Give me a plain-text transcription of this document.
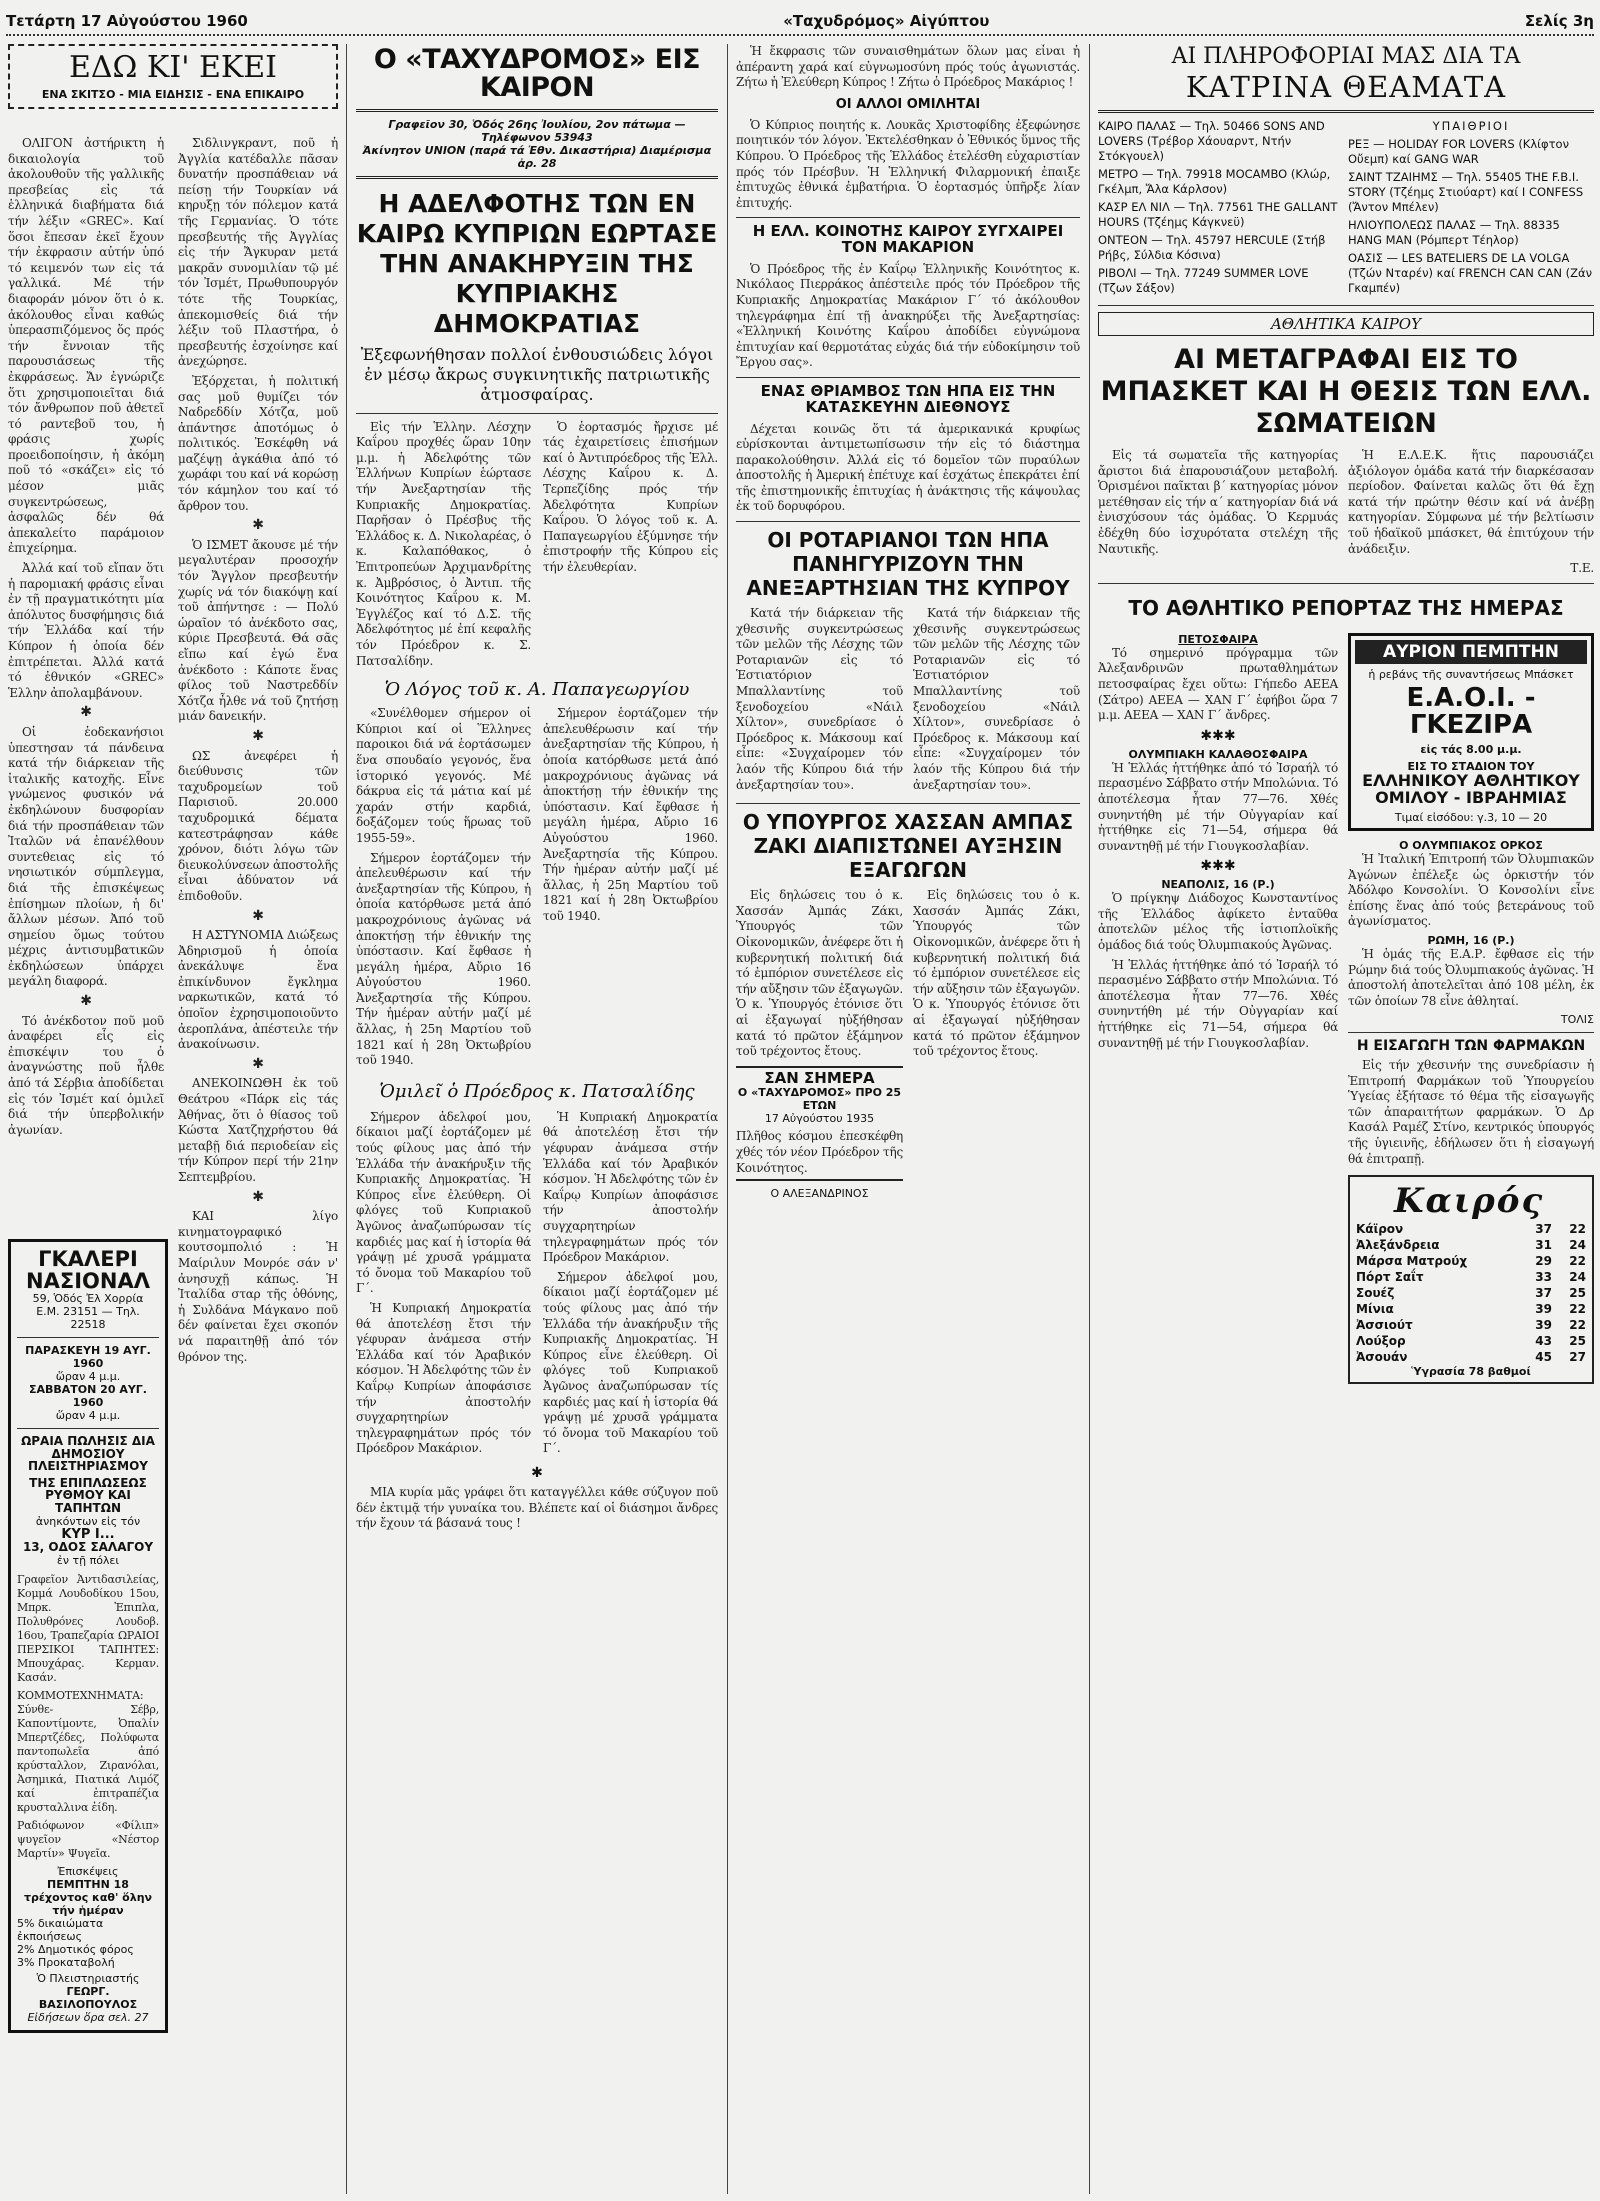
Τετάρτη 17 Αὐγούστου 1960	«Ταχυδρόμος» Αἰγύπτου	Σελίς 3η
ΕΔΩ ΚΙ' ΕΚΕΙ
ΕΝΑ ΣΚΙΤΣΟ - ΜΙΑ ΕΙΔΗΣΙΣ - ΕΝΑ ΕΠΙΚΑΙΡΟ

ΟΛΙΓΟΝ ἀστήρικτη ἡ δικαιολογία τοῦ ἀκολουθοῦν τῆς γαλλικῆς πρεσβείας εἰς τά ἑλληνικά διαβήματα διά τήν λέξιν «GREC». Καί ὅσοι ἔπεσαν ἐκεῖ ἔχουν τήν ἐκφρασιν αὐτήν ὑπό τό κειμενόν των εἰς τά γαλλικά. Μέ τήν διαφοράν μόνον ὅτι ὁ κ. ἀκόλουθος εἶναι καθώς ὑπερασπιζόμενος ὅς πρός τήν ἔννοιαν τῆς παρουσιάσεως τῆς ἐκφράσεως. Ἄν ἐγνώριζε ὅτι χρησιμοποιεῖται διά τόν ἄνθρωπον ποῦ ἀθετεῖ τό ραντεβοῦ του, ἡ φράσις χωρίς προειδοποίησιν, ἡ ἀκόμη ποῦ τό «σκάζει» εἰς τό μέσον μιᾶς συγκεντρώσεως, ἀσφαλῶς δέν θά ἀπεκαλείτο παράμοιον ἐπιχείρημα.

Ἀλλά καί τοῦ εἴπαν ὅτι ἡ παρομιακή φράσις εἶναι ἐν τῇ πραγματικότητι μία ἀπόλυτος δυσφήμησις διά τήν Ἑλλάδα καί τήν Κύπρον ἡ ὁποία δέν ἐπιτρέπεται. Ἀλλά κατά τό ἐθνικόν «GREC» Ἑλλην ἀπολαμβάνουν.

✱

Οἱ ἑοδεκανήσιοι ὑπεστησαν τά πάνδεινα κατά τήν διάρκειαν τῆς ἰταλικῆς κατοχῆς. Εἶνε γνώμενος φυσικόν νά ἐκδηλώνουν δυσφορίαν διά τήν προσπάθειαν τῶν Ἰταλῶν νά ἐπανέλθουν συντεθειας εἰς τό νησιωτικόν σύμπλεγμα, διά τῆς ἐπισκέψεως ἐπίσημων πλοίων, ἡ δι' ἄλλων μέσων. Ἀπό τοῦ σημείου ὅμως τούτου μέχρις ἀντισυμβατικῶν ἐκδηλώσεων ὑπάρχει μεγάλη διαφορά.

✱

Τό ἀνέκδοτον ποῦ μοῦ ἀναφέρει εἷς εἰς ἐπισκέψιν του ὁ ἀναγνώστης ποῦ ἦλθε ἀπό τά Σέρβια ἀποδίδεται εἰς τόν Ἰσμέτ καί ὁμιλεῖ διά τήν ὑπερβολικήν ἀγωνίαν.

ΓΚΑΛΕΡΙ ΝΑΣΙΟΝΑΛ
59, Ὁδός Ἐλ Χορρία
Ε.Μ. 23151 — Τηλ. 22518
ΠΑΡΑΣΚΕΥΗ 19 ΑΥΓ. 1960
ὥραν 4 μ.μ.
ΣΑΒΒΑΤΟΝ 20 ΑΥΓ. 1960
ὥραν 4 μ.μ.
ΩΡΑΙΑ ΠΩΛΗΣΙΣ ΔΙΑ ΔΗΜΟΣΙΟΥ ΠΛΕΙΣΤΗΡΙΑΣΜΟΥ
ΤΗΣ ΕΠΙΠΛΩΣΕΩΣ ΡΥΘΜΟΥ ΚΑΙ ΤΑΠΗΤΩΝ
ἀνηκόντων εἰς τόν
ΚΥΡ Ι...
13, ΟΔΟΣ ΣΑΛΑΓΟΥ
ἐν τῇ πόλει
Γραφεῖον Ἀντιδασιλείας, Κομμά Λουδοδίκου 15ου, Μπρκ. Ἐπιπλα, Πολυθρόνες Λουδοβ. 16ου, Τραπεζαρία ΩΡΑΙΟΙ ΠΕΡΣΙΚΟΙ ΤΑΠΗΤΕΣ: Μπουχάρας. Κερμαν. Κασάν.
ΚΟΜΜΟΤΕΧΝΗΜΑΤΑ: Σύνθε- Σέβρ, Καποντίμοντε, Ὀπαλίν Μπερτζέδες, Πολύφωτα παντοπωλεῖα ἀπό κρύσταλλον, Ζιρανόλαι, Ἀσημικά, Πιατικά Λιμόζ καί ἐπιτραπέζια κρυσταλλινα ἐίδη.
Ραδιόφωνον «Φίλιπ» ψυγεῖον «Νέστορ Μαρτίν» Ψυγεῖα.
Ἐπισκέψεις
ΠΕΜΠΤΗΝ 18 τρέχοντος καθ' ὅλην τήν ἡμέραν
5% δικαιώματα ἐκποιήσεως
2% Δημοτικός φόρος
3% Προκαταβολή
Ὁ Πλειστηριαστής
ΓΕΩΡΓ. ΒΑΣΙΛΟΠΟΥΛΟΣ
Εἰδήσεων ὅρα σελ. 27

Σιδλινγκραντ, ποῦ ἡ Ἀγγλία κατέδαλλε πᾶσαν δυνατήν προσπάθειαν νά πείσῃ τήν Τουρκίαν νά κηρυξῃ τόν πόλεμον κατά τῆς Γερμανίας. Ὁ τότε πρεσβευτής τῆς Ἀγγλίας εἰς τήν Ἄγκυραν μετά μακρᾶν συνομιλίαν τῷ μέ τόν Ἰσμέτ, Πρωθυπουργόν τότε τῆς Τουρκίας, ἀπεκομισθείς διά τήν λέξιν τοῦ Πλαστήρα, ὁ πρεσβευτής ἐσχοίνησε καί ἀνεχώρησε.

Ἐξόρχεται, ἡ πολιτική σας μοῦ θυμίζει τόν Ναδρεδδίν Χότζα, μοῦ ἀπάντησε ἀποτόμως ὁ πολιτικός. Ἐσκέφθη νά μαζέψῃ ἀγκάθια ἀπό τό χωράφι του καί νά κορώσῃ τόν κάμηλον του καί τό ἄρθρον του.

✱

Ὁ ΙΣΜΕΤ ἄκουσε μέ τήν μεγαλυτέραν προσοχήν τόν Ἄγγλον πρεσβευτήν χωρίς νά τόν διακόψῃ καί τοῦ ἀπήντησε : — Πολύ ὡραῖον τό ἀνέκδοτο σας, κύριε Πρεσβευτά. Θά σᾶς εἴπω καί ἐγώ ἕνα ἀνέκδοτο : Κάποτε ἕνας φίλος τοῦ Ναστρεδδίν Χότζα ἦλθε νά τοῦ ζητήσῃ μιάν δανεικήν.

✱

ΩΣ ἀνεφέρει ἡ διεύθυνσις τῶν ταχυδρομείων τοῦ Παρισιοῦ. 20.000 ταχυδρομικά δέματα κατεστράφησαν κάθε χρόνον, διότι λόγω τῶν διευκολύνσεων ἀποστολῆς εἶναι ἀδύνατον νά ἐπιδοθοῦν.

✱

Η ΑΣΤΥΝΟΜΙΑ Διώξεως Ἀδηρισμοῦ ἡ ὁποία ἀνεκάλυψε ἕνα ἐπικίνδυνον ἔγκλημα ναρκωτικῶν, κατά τό ὁποῖον ἐχρησιμοποιοῦντο ἀεροπλάνα, ἀπέστειλε τήν ἀνακοίνωσιν.

✱

ΑΝΕΚΟΙΝΩΘΗ ἐκ τοῦ Θεάτρου «Πάρκ εἰς τάς Ἀθήνας, ὅτι ὁ θίασος τοῦ Κώστα Χατζηχρήστου θά μεταβῇ διά περιοδείαν εἰς τήν Κύπρον περί τήν 21ην Σεπτεμβρίου.

✱

ΚΑΙ λίγο κινηματογραφικό κουτσομπολιό : Ἡ Μαίριλυν Μονρόε σάν ν' ἀνησυχῇ κάπως. Ἡ Ἰταλίδα σταρ τῆς ὁθόνης, ἡ Συλδάνα Μάγκανο ποῦ δέν φαίνεται ἔχει σκοπόν νά παραιτηθῇ ἀπό τόν θρόνον της.

Ο «ΤΑΧΥΔΡΟΜΟΣ» ΕΙΣ ΚΑΙΡΟΝ
Γραφεῖον 30, Ὁδός 26ης Ἰουλίου, 2ον πάτωμα — Τηλέφωνον 53943
Ἀκίνητον UNION (παρά τά Ἐθν. Δικαστήρια) Διαμέρισμα ἀρ. 28
Η ΑΔΕΛΦΟΤΗΣ ΤΩΝ ΕΝ ΚΑΙΡΩ ΚΥΠΡΙΩΝ ΕΩΡΤΑΣΕ ΤΗΝ ΑΝΑΚΗΡΥΞΙΝ ΤΗΣ ΚΥΠΡΙΑΚΗΣ ΔΗΜΟΚΡΑΤΙΑΣ
Ἐξεφωνήθησαν πολλοί ἐνθουσιώδεις λόγοι ἐν μέσῳ ἄκρως συγκινητικῆς πατριωτικῆς ἀτμοσφαίρας.

Εἰς τήν Ἑλλην. Λέσχην Καΐρου προχθές ὥραν 10ην μ.μ. ἡ Ἀδελφότης τῶν Ἑλλήνων Κυπρίων ἑώρτασε τήν Ἀνεξαρτησίαν τῆς Κυπριακῆς Δημοκρατίας. Παρῆσαν ὁ Πρέσβυς τῆς Ἑλλάδος κ. Δ. Νικολαρέας, ὁ κ. Καλαπόθακος, ὁ Ἐπιτροπεύων Ἀρχιμανδρίτης κ. Ἀμβρόσιος, ὁ Ἀντιπ. τῆς Κοινότητος Καΐρου κ. Μ. Ἐγγλέζος καί τό Δ.Σ. τῆς Ἀδελφότητος μέ ἐπί κεφαλῆς τόν Πρόεδρον κ. Σ. Πατσαλίδην.

Ὁ ἑορτασμός ἤρχισε μέ τάς ἐχαιρετίσεις ἐπισήμων καί ὁ Ἀντιπρόεδρος τῆς Ἑλλ. Λέσχης Καΐρου κ. Δ. Τερπεζίδης πρός τήν Ἀδελφότητα Κυπρίων Καΐρου. Ὁ λόγος τοῦ κ. Α. Παπαγεωργίου ἐξύμνησε τήν ἐπιστροφήν τῆς Κύπρου εἰς τήν ἐλευθερίαν.

Ὁ Λόγος τοῦ κ. Α. Παπαγεωργίου

«Συνέλθομεν σήμερον οἱ Κύπριοι καί οἱ Ἕλληνες παροικοι διά νά ἑορτάσωμεν ἕνα σπουδαίο γεγονός, ἕνα ἱστορικό γεγονός. Μέ δάκρυα εἰς τά μάτια καί μέ χαράν στήν καρδιά, δοξάζομεν τούς ἥρωας τοῦ 1955-59».

Σήμερον ἑορτάζομεν τήν ἀπελευθέρωσιν καί τήν ἀνεξαρτησίαν τῆς Κύπρου, ἡ ὁποία κατόρθωσε μετά ἀπό μακροχρόνιους ἀγῶνας νά ἀποκτήσῃ τήν ἐθνικήν της ὑπόστασιν. Καί ἔφθασε ἡ μεγάλη ἡμέρα, Αὔριο 16 Αὐγούστου 1960. Ἀνεξαρτησία τῆς Κύπρου. Τήν ἡμέραν αὐτήν μαζί μέ ἄλλας, ἡ 25η Μαρτίου τοῦ 1821 καί ἡ 28η Ὀκτωβρίου τοῦ 1940.

Σήμερον ἑορτάζομεν τήν ἀπελευθέρωσιν καί τήν ἀνεξαρτησίαν τῆς Κύπρου, ἡ ὁποία κατόρθωσε μετά ἀπό μακροχρόνιους ἀγῶνας νά ἀποκτήσῃ τήν ἐθνικήν της ὑπόστασιν. Καί ἔφθασε ἡ μεγάλη ἡμέρα, Αὔριο 16 Αὐγούστου 1960. Ἀνεξαρτησία τῆς Κύπρου. Τήν ἡμέραν αὐτήν μαζί μέ ἄλλας, ἡ 25η Μαρτίου τοῦ 1821 καί ἡ 28η Ὀκτωβρίου τοῦ 1940.

Ὁμιλεῖ ὁ Πρόεδρος κ. Πατσαλίδης

Σήμερον ἀδελφοί μου, δίκαιοι μαζί ἑορτάζομεν μέ τούς φίλους μας ἀπό τήν Ἑλλάδα τήν ἀνακήρυξιν τῆς Κυπριακῆς Δημοκρατίας. Ἡ Κύπρος εἶνε ἐλεύθερη. Οἱ φλόγες τοῦ Κυπριακοῦ Ἀγῶνος ἀναζωπύρωσαν τίς καρδιές μας καί ἡ ἱστορία θά γράψῃ μέ χρυσᾶ γράμματα τό ὄνομα τοῦ Μακαρίου τοῦ Γ΄.

Ἡ Κυπριακή Δημοκρατία θά ἀποτελέσῃ ἔτσι τήν γέφυραν ἀνάμεσα στήν Ἑλλάδα καί τόν Ἀραβικόν κόσμον. Ἡ Ἀδελφότης τῶν ἐν Καΐρῳ Κυπρίων ἀποφάσισε τήν ἀποστολήν συγχαρητηρίων τηλεγραφημάτων πρός τόν Πρόεδρον Μακάριον.

Ἡ Κυπριακή Δημοκρατία θά ἀποτελέσῃ ἔτσι τήν γέφυραν ἀνάμεσα στήν Ἑλλάδα καί τόν Ἀραβικόν κόσμον. Ἡ Ἀδελφότης τῶν ἐν Καΐρῳ Κυπρίων ἀποφάσισε τήν ἀποστολήν συγχαρητηρίων τηλεγραφημάτων πρός τόν Πρόεδρον Μακάριον.

Σήμερον ἀδελφοί μου, δίκαιοι μαζί ἑορτάζομεν μέ τούς φίλους μας ἀπό τήν Ἑλλάδα τήν ἀνακήρυξιν τῆς Κυπριακῆς Δημοκρατίας. Ἡ Κύπρος εἶνε ἐλεύθερη. Οἱ φλόγες τοῦ Κυπριακοῦ Ἀγῶνος ἀναζωπύρωσαν τίς καρδιές μας καί ἡ ἱστορία θά γράψῃ μέ χρυσᾶ γράμματα τό ὄνομα τοῦ Μακαρίου τοῦ Γ΄.

✱

ΜΙΑ κυρία μᾶς γράφει ὅτι καταγγέλλει κάθε σύζυγον ποῦ δέν ἐκτιμᾷ τήν γυναίκα του. Βλέπετε καί οἱ διάσημοι ἄνδρες τήν ἔχουν τά βάσανά τους !

Ἡ ἔκφρασις τῶν συναισθημάτων ὅλων μας εἶναι ἡ ἀπέραντη χαρά καί εὐγνωμοσύνη πρός τούς ἀγωνιστάς. Ζήτω ἡ Ἐλεύθερη Κύπρος ! Ζήτω ὁ Πρόεδρος Μακάριος !

ΟΙ ΑΛΛΟΙ ΟΜΙΛΗΤΑΙ

Ὁ Κύπριος ποιητής κ. Λουκᾶς Χριστοφίδης ἐξεφώνησε ποιητικόν τόν λόγον. Ἐκτελέσθηκαν ὁ Ἐθνικός ὕμνος τῆς Κύπρου. Ὁ Πρόεδρος τῆς Ἑλλάδος ἐτελέσθη εὐχαριστίαν πρός τόν Πρέσβυν. Ἡ Ἑλληνική Φιλαρμονική ἐπαιξε ἐπιτυχῶς ἐθνικά ἐμβατήρια. Ὁ ἑορτασμός ὑπῆρξε λίαν ἐπιτυχής.

Η ΕΛΛ. ΚΟΙΝΟΤΗΣ ΚΑΙΡΟΥ ΣΥΓΧΑΙΡΕΙ ΤΟΝ ΜΑΚΑΡΙΟΝ

Ὁ Πρόεδρος τῆς ἐν Καΐρῳ Ἑλληνικῆς Κοινότητος κ. Νικόλαος Πιερράκος ἀπέστειλε πρός τόν Πρόεδρον τῆς Κυπριακῆς Δημοκρατίας Μακάριον Γ΄ τό ἀκόλουθον τηλεγράφημα ἐπί τῇ ἀνακηρύξει τῆς Ἀνεξαρτησίας: «Ἑλληνική Κοινότης Καΐρου ἀποδίδει εὐγνώμονα ἐπιτυχίαν καί θερμοτάτας εὐχάς διά τήν εὐδοκίμησιν τοῦ Ἔργου σας».

ΕΝΑΣ ΘΡΙΑΜΒΟΣ ΤΩΝ ΗΠΑ ΕΙΣ ΤΗΝ ΚΑΤΑΣΚΕΥΗΝ ΔΙΕΘΝΟΥΣ

Δέχεται κοινῶς ὅτι τά ἀμερικανικά κρυφίως εὑρίσκονται ἀντιμετωπίσωσιν τήν εἰς τό διάστημα παρακολούθησιν. Ἀλλά εἰς τό δομεῖον τῶν πυραύλων ἀποστολῆς ἡ Ἀμερική ἐπέτυχε καί ἐσχάτως ἐπεκράτει ἐπί τῆς ἐπιστημονικῆς ἐπιτυχίας ἡ ἀνάκτησις τῆς κάψουλας ἐκ τοῦ δορυφόρου.

ΟΙ ΡΟΤΑΡΙΑΝΟΙ ΤΩΝ ΗΠΑ ΠΑΝΗΓΥΡΙΖΟΥΝ ΤΗΝ ΑΝΕΞΑΡΤΗΣΙΑΝ ΤΗΣ ΚΥΠΡΟΥ

Κατά τήν διάρκειαν τῆς χθεσινῆς συγκεντρώσεως τῶν μελῶν τῆς Λέσχης τῶν Ροταριανῶν εἰς τό Ἑστιατόριον Μπαλλαντίνης τοῦ ξενοδοχείου «Νάιλ Χίλτον», συνεδρίασε ὁ Πρόεδρος κ. Μάκσουμ καί εἶπε: «Συγχαίρομεν τόν λαόν τῆς Κύπρου διά τήν ἀνεξαρτησίαν του».

Κατά τήν διάρκειαν τῆς χθεσινῆς συγκεντρώσεως τῶν μελῶν τῆς Λέσχης τῶν Ροταριανῶν εἰς τό Ἑστιατόριον Μπαλλαντίνης τοῦ ξενοδοχείου «Νάιλ Χίλτον», συνεδρίασε ὁ Πρόεδρος κ. Μάκσουμ καί εἶπε: «Συγχαίρομεν τόν λαόν τῆς Κύπρου διά τήν ἀνεξαρτησίαν του».

Ο ΥΠΟΥΡΓΟΣ ΧΑΣΣΑΝ ΑΜΠΑΣ ΖΑΚΙ ΔΙΑΠΙΣΤΩΝΕΙ ΑΥΞΗΣΙΝ ΕΞΑΓΩΓΩΝ

Εἰς δηλώσεις του ὁ κ. Χασσάν Ἀμπάς Ζάκι, Ὑπουργός τῶν Οἰκονομικῶν, ἀνέφερε ὅτι ἡ κυβερνητική πολιτική διά τό ἐμπόριον συνετέλεσε εἰς τήν αὔξησιν τῶν ἐξαγωγῶν. Ὁ κ. Ὑπουργός ἐτόνισε ὅτι αἱ ἐξαγωγαί ηὐξήθησαν κατά τό πρῶτον ἑξάμηνον τοῦ τρέχοντος ἔτους.

ΣΑΝ ΣΗΜΕΡΑ
Ο «ΤΑΧΥΔΡΟΜΟΣ» ΠΡΟ 25 ΕΤΩΝ
17 Αὐγούστου 1935
Πλῆθος κόσμου ἐπεσκέφθη χθές τόν νέον Πρόεδρον τῆς Κοινότητος.
Ο ΑΛΕΞΑΝΔΡΙΝΟΣ

Εἰς δηλώσεις του ὁ κ. Χασσάν Ἀμπάς Ζάκι, Ὑπουργός τῶν Οἰκονομικῶν, ἀνέφερε ὅτι ἡ κυβερνητική πολιτική διά τό ἐμπόριον συνετέλεσε εἰς τήν αὔξησιν τῶν ἐξαγωγῶν. Ὁ κ. Ὑπουργός ἐτόνισε ὅτι αἱ ἐξαγωγαί ηὐξήθησαν κατά τό πρῶτον ἑξάμηνον τοῦ τρέχοντος ἔτους.

ΑΙ ΠΛΗΡΟΦΟΡΙΑΙ ΜΑΣ ΔΙΑ ΤΑ
ΚΑΤΡΙΝΑ ΘΕΑΜΑΤΑ
ΚΑΙΡΟ ΠΑΛΑΣ — Τηλ. 50466 SONS AND LOVERS (Τρέβορ Χάουαρντ, Ντήν Στόκγουελ)
ΜΕΤΡΟ — Τηλ. 79918 MOCAMBO (Κλώρ, Γκέλμπ, Ἄλα Κάρλσον)
ΚΑΣΡ ΕΛ ΝΙΛ — Τηλ. 77561 THE GALLANT HOURS (Τζέημς Κάγκνεϋ)
ΟΝΤΕΟΝ — Τηλ. 45797 HERCULE (Στήβ Ρήβς, Σύλδια Κόσινα)
ΡΙΒΟΛΙ — Τηλ. 77249 SUMMER LOVE (Τζων Σάξον)
ΥΠΑΙΘΡΙΟΙ
ΡΕΞ — HOLIDAY FOR LOVERS (Κλίφτον Οὔεμπ) καί GANG WAR
ΣΑΙΝΤ ΤΖΑΙΗΜΣ — Τηλ. 55405 THE F.B.I. STORY (Τζέημς Στιούαρτ) καί I CONFESS (Ἄντον Μπέλεν)
ΗΛΙΟΥΠΟΛΕΩΣ ΠΑΛΑΣ — Τηλ. 88335 HANG MAN (Ρόμπερτ Τέηλορ)
ΟΑΣΙΣ — LES BATELIERS DE LA VOLGA (Τζών Νταρέν) καί FRENCH CAN CAN (Ζάν Γκαμπέν)
ΑΘΛΗΤΙΚΑ ΚΑΙΡΟΥ
ΑΙ ΜΕΤΑΓΡΑΦΑΙ ΕΙΣ ΤΟ ΜΠΑΣΚΕΤ ΚΑΙ Η ΘΕΣΙΣ ΤΩΝ ΕΛΛ. ΣΩΜΑΤΕΙΩΝ

Εἰς τά σωματεῖα τῆς κατηγορίας ἄριστοι διά ἐπαρουσιάζουν μεταβολή. Ὁρισμένοι παῖκται β΄ κατηγορίας μόνον μετέθησαν εἰς τήν α΄ κατηγορίαν διά νά ἐνισχύσουν τάς ὁμάδας. Ὁ Κερμυάς ἐδέχθη δύο ἰσχυρότατα στελέχη τῆς Ναυτικῆς.

Ἡ Ε.Λ.Ε.Κ. ἥτις παρουσιάζει ἀξιόλογον ὁμάδα κατά τήν διαρκέσασαν περίοδον. Φαίνεται καλῶς ὅτι θά ἔχῃ κατά τήν πρώτην θέσιν καί νά ἀνέβῃ κατηγορίαν. Σύμφωνα μέ τήν βελτίωσιν τοῦ ἡδαϊκοῦ μπάσκετ, θά ἐπιτύχουν τήν ἀνάδειξιν.

Τ.Ε.
ΤΟ ΑΘΛΗΤΙΚΟ ΡΕΠΟΡΤΑΖ ΤΗΣ ΗΜΕΡΑΣ
ΠΕΤΟΣΦΑΙΡΑ

Τό σημερινό πρόγραμμα τῶν Ἀλεξανδρινῶν πρωταθλημάτων πετοσφαίρας ἔχει οὕτω: Γήπεδο ΑΕΕΑ (Σάτρο) ΑΕΕΑ — ΧΑΝ Γ΄ ἐφήβοι ὥρα 7 μ.μ. ΑΕΕΑ — ΧΑΝ Γ΄ ἄνδρες.

✱✱✱
ΟΛΥΜΠΙΑΚΗ ΚΑΛΑΘΟΣΦΑΙΡΑ

Ἡ Ἑλλάς ἡττήθηκε ἀπό τό Ἰσραήλ τό περασμένο Σάββατο στήν Μπολώνια. Τό ἀποτέλεσμα ἦταν 77—76. Χθές συνηντήθη μέ τήν Οὐγγαρίαν καί ἡττήθηκε εἰς 71—54, σήμερα θά συναντηθῇ μέ τήν Γιουγκοσλαβίαν.

✱✱✱
ΝΕΑΠΟΛΙΣ, 16 (Ρ.)

Ὁ πρίγκηψ Διάδοχος Κωνσταντίνος τῆς Ἑλλάδος ἀφίκετο ἐνταῦθα ἀποτελῶν μέλος τῆς ἱστιοπλοϊκῆς ὁμάδος διά τούς Ὀλυμπιακούς Ἀγῶνας.

Ἡ Ἑλλάς ἡττήθηκε ἀπό τό Ἰσραήλ τό περασμένο Σάββατο στήν Μπολώνια. Τό ἀποτέλεσμα ἦταν 77—76. Χθές συνηντήθη μέ τήν Οὐγγαρίαν καί ἡττήθηκε εἰς 71—54, σήμερα θά συναντηθῇ μέ τήν Γιουγκοσλαβίαν.

ΑΥΡΙΟΝ ΠΕΜΠΤΗΝ
ἡ ρεβάνς τῆς συναντήσεως Μπάσκετ
Ε.Α.Ο.Ι. - ΓΚΕΖΙΡΑ
εἰς τάς 8.00 μ.μ.
ΕΙΣ ΤΟ ΣΤΑΔΙΟΝ ΤΟΥ
ΕΛΛΗΝΙΚΟΥ ΑΘΛΗΤΙΚΟΥ
ΟΜΙΛΟΥ - ΙΒΡΑΗΜΙΑΣ
Τιμαί εἰσόδου: γ.3, 10 — 20
Ο ΟΛΥΜΠΙΑΚΟΣ ΟΡΚΟΣ

Ἡ Ἰταλική Ἐπιτροπή τῶν Ὀλυμπιακῶν Ἀγώνων ἐπέλεξε ὡς ὀρκιστήν τόν Ἀδόλφο Κονσολίνι. Ὁ Κονσολίνι εἶνε ἐπίσης ἕνας ἀπό τούς βετεράνους τοῦ ἀγωνίσματος.

ΡΩΜΗ, 16 (Ρ.)

Ἡ ὁμάς τῆς Ε.Α.Ρ. ἔφθασε εἰς τήν Ρώμην διά τούς Ὀλυμπιακούς ἀγῶνας. Ἡ ἀποστολή ἀποτελεῖται ἀπό 108 μέλη, ἐκ τῶν ὁποίων 78 εἶνε ἀθληταί.

ΤΟΛΙΣ
Η ΕΙΣΑΓΩΓΗ ΤΩΝ ΦΑΡΜΑΚΩΝ

Εἰς τήν χθεσινήν της συνεδρίασιν ἡ Ἐπιτροπή Φαρμάκων τοῦ Ὑπουργείου Ὑγείας ἐξήτασε τό θέμα τῆς εἰσαγωγῆς τῶν ἀπαραιτήτων φαρμάκων. Ὁ Δρ Κασάλ Ραμέζ Στίνο, κεντρικός ὑπουργός τῆς ὑγιεινῆς, ἐδήλωσεν ὅτι ἡ εἰσαγωγή θά ἐπιτραπῇ.

Καιρός
Κάϊρον	37	22
Ἀλεξάνδρεια	31	24
Μάρσα Ματρούχ	29	22
Πόρτ Σαΐτ	33	24
Σουέζ	37	25
Μίνια	39	22
Ἀσσιούτ	39	22
Λούξορ	43	25
Ἀσουάν	45	27
Ὑγρασία 78 βαθμοί
